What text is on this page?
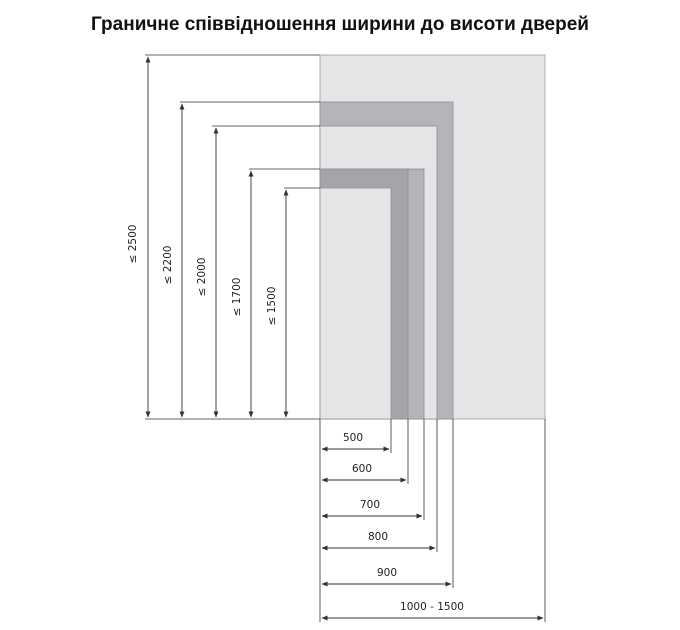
Граничне співвідношення ширини до висоти дверей
≤ 2500
≤ 2200 ≤ 2000
≤ 1700 ≤ 1500
500
600
700
800
900
1000 - 1500
